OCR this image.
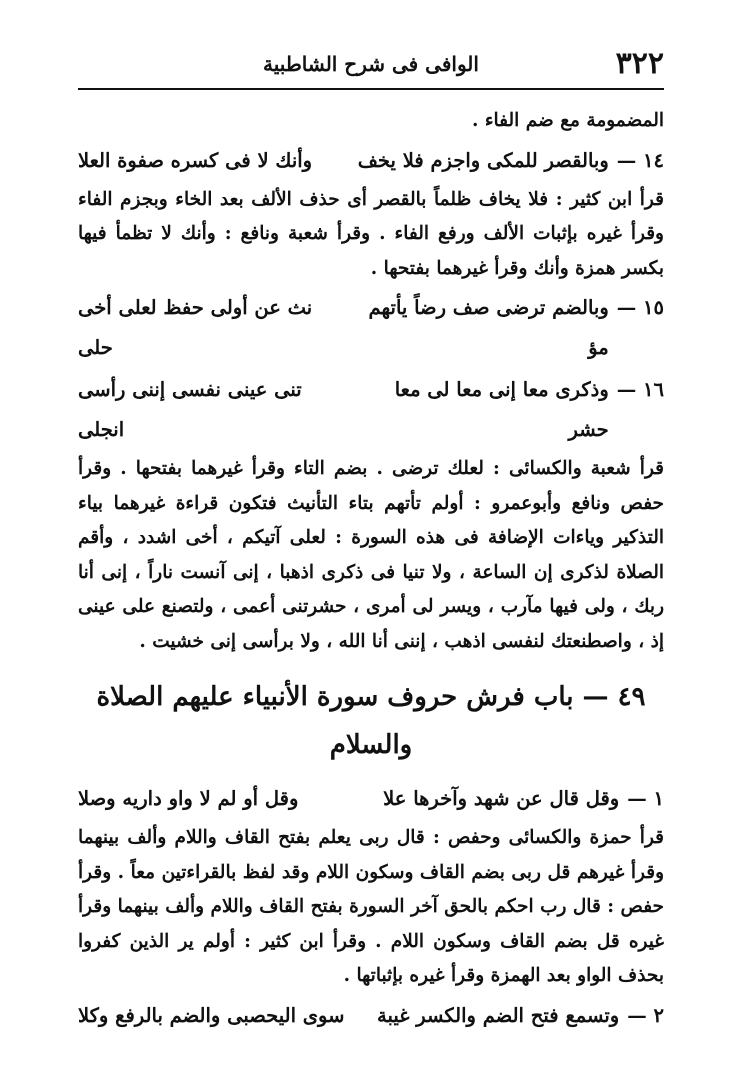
٣٢٢
الوافى فى شرح الشاطبية

المضمومة مع ضم الفاء .

١٤ —
وبالقصر للمكى واجزم فلا يخف
وأنك لا فى كسره صفوة العلا

قرأ ابن كثير : فلا يخاف ظلماً بالقصر أى حذف الألف بعد الخاء وبجزم الفاء وقرأ غيره بإثبات الألف ورفع الفاء . وقرأ شعبة ونافع : وأنك لا تظمأ فيها بكسر همزة وأنك وقرأ غيرهما بفتحها .

١٥ —
وبالضم ترضى صف رضاً يأتهم مؤ
نث عن أولى حفظ لعلى أخى حلى
١٦ —
وذكرى معا إنى معا لى معا حشر
تنى عينى نفسى إننى رأسى انجلى

قرأ شعبة والكسائى : لعلك ترضى . بضم التاء وقرأ غيرهما بفتحها . وقرأ حفص ونافع وأبوعمرو : أولم تأتهم بتاء التأنيث فتكون قراءة غيرهما بياء التذكير وياءات الإضافة فى هذه السورة : لعلى آتيكم ، أخى اشدد ، وأقم الصلاة لذكرى إن الساعة ، ولا تنيا فى ذكرى اذهبا ، إنى آنست ناراً ، إنى أنا ربك ، ولى فيها مآرب ، ويسر لى أمرى ، حشرتنى أعمى ، ولتصنع على عينى إذ ، واصطنعتك لنفسى اذهب ، إننى أنا الله ، ولا برأسى إنى خشيت .

٤٩ — باب فرش حروف سورة الأنبياء عليهم الصلاة والسلام
١ —
وقل قال عن شهد وآخرها علا
وقل أو لم لا واو داريه وصلا

قرأ حمزة والكسائى وحفص : قال ربى يعلم بفتح القاف واللام وألف بينهما وقرأ غيرهم قل ربى بضم القاف وسكون اللام وقد لفظ بالقراءتين معاً . وقرأ حفص : قال رب احكم بالحق آخر السورة بفتح القاف واللام وألف بينهما وقرأ غيره قل بضم القاف وسكون اللام . وقرأ ابن كثير : أولم ير الذين كفروا بحذف الواو بعد الهمزة وقرأ غيره بإثباتها .

٢ —
وتسمع فتح الضم والكسر غيبة
سوى اليحصبى والضم بالرفع وكلا
